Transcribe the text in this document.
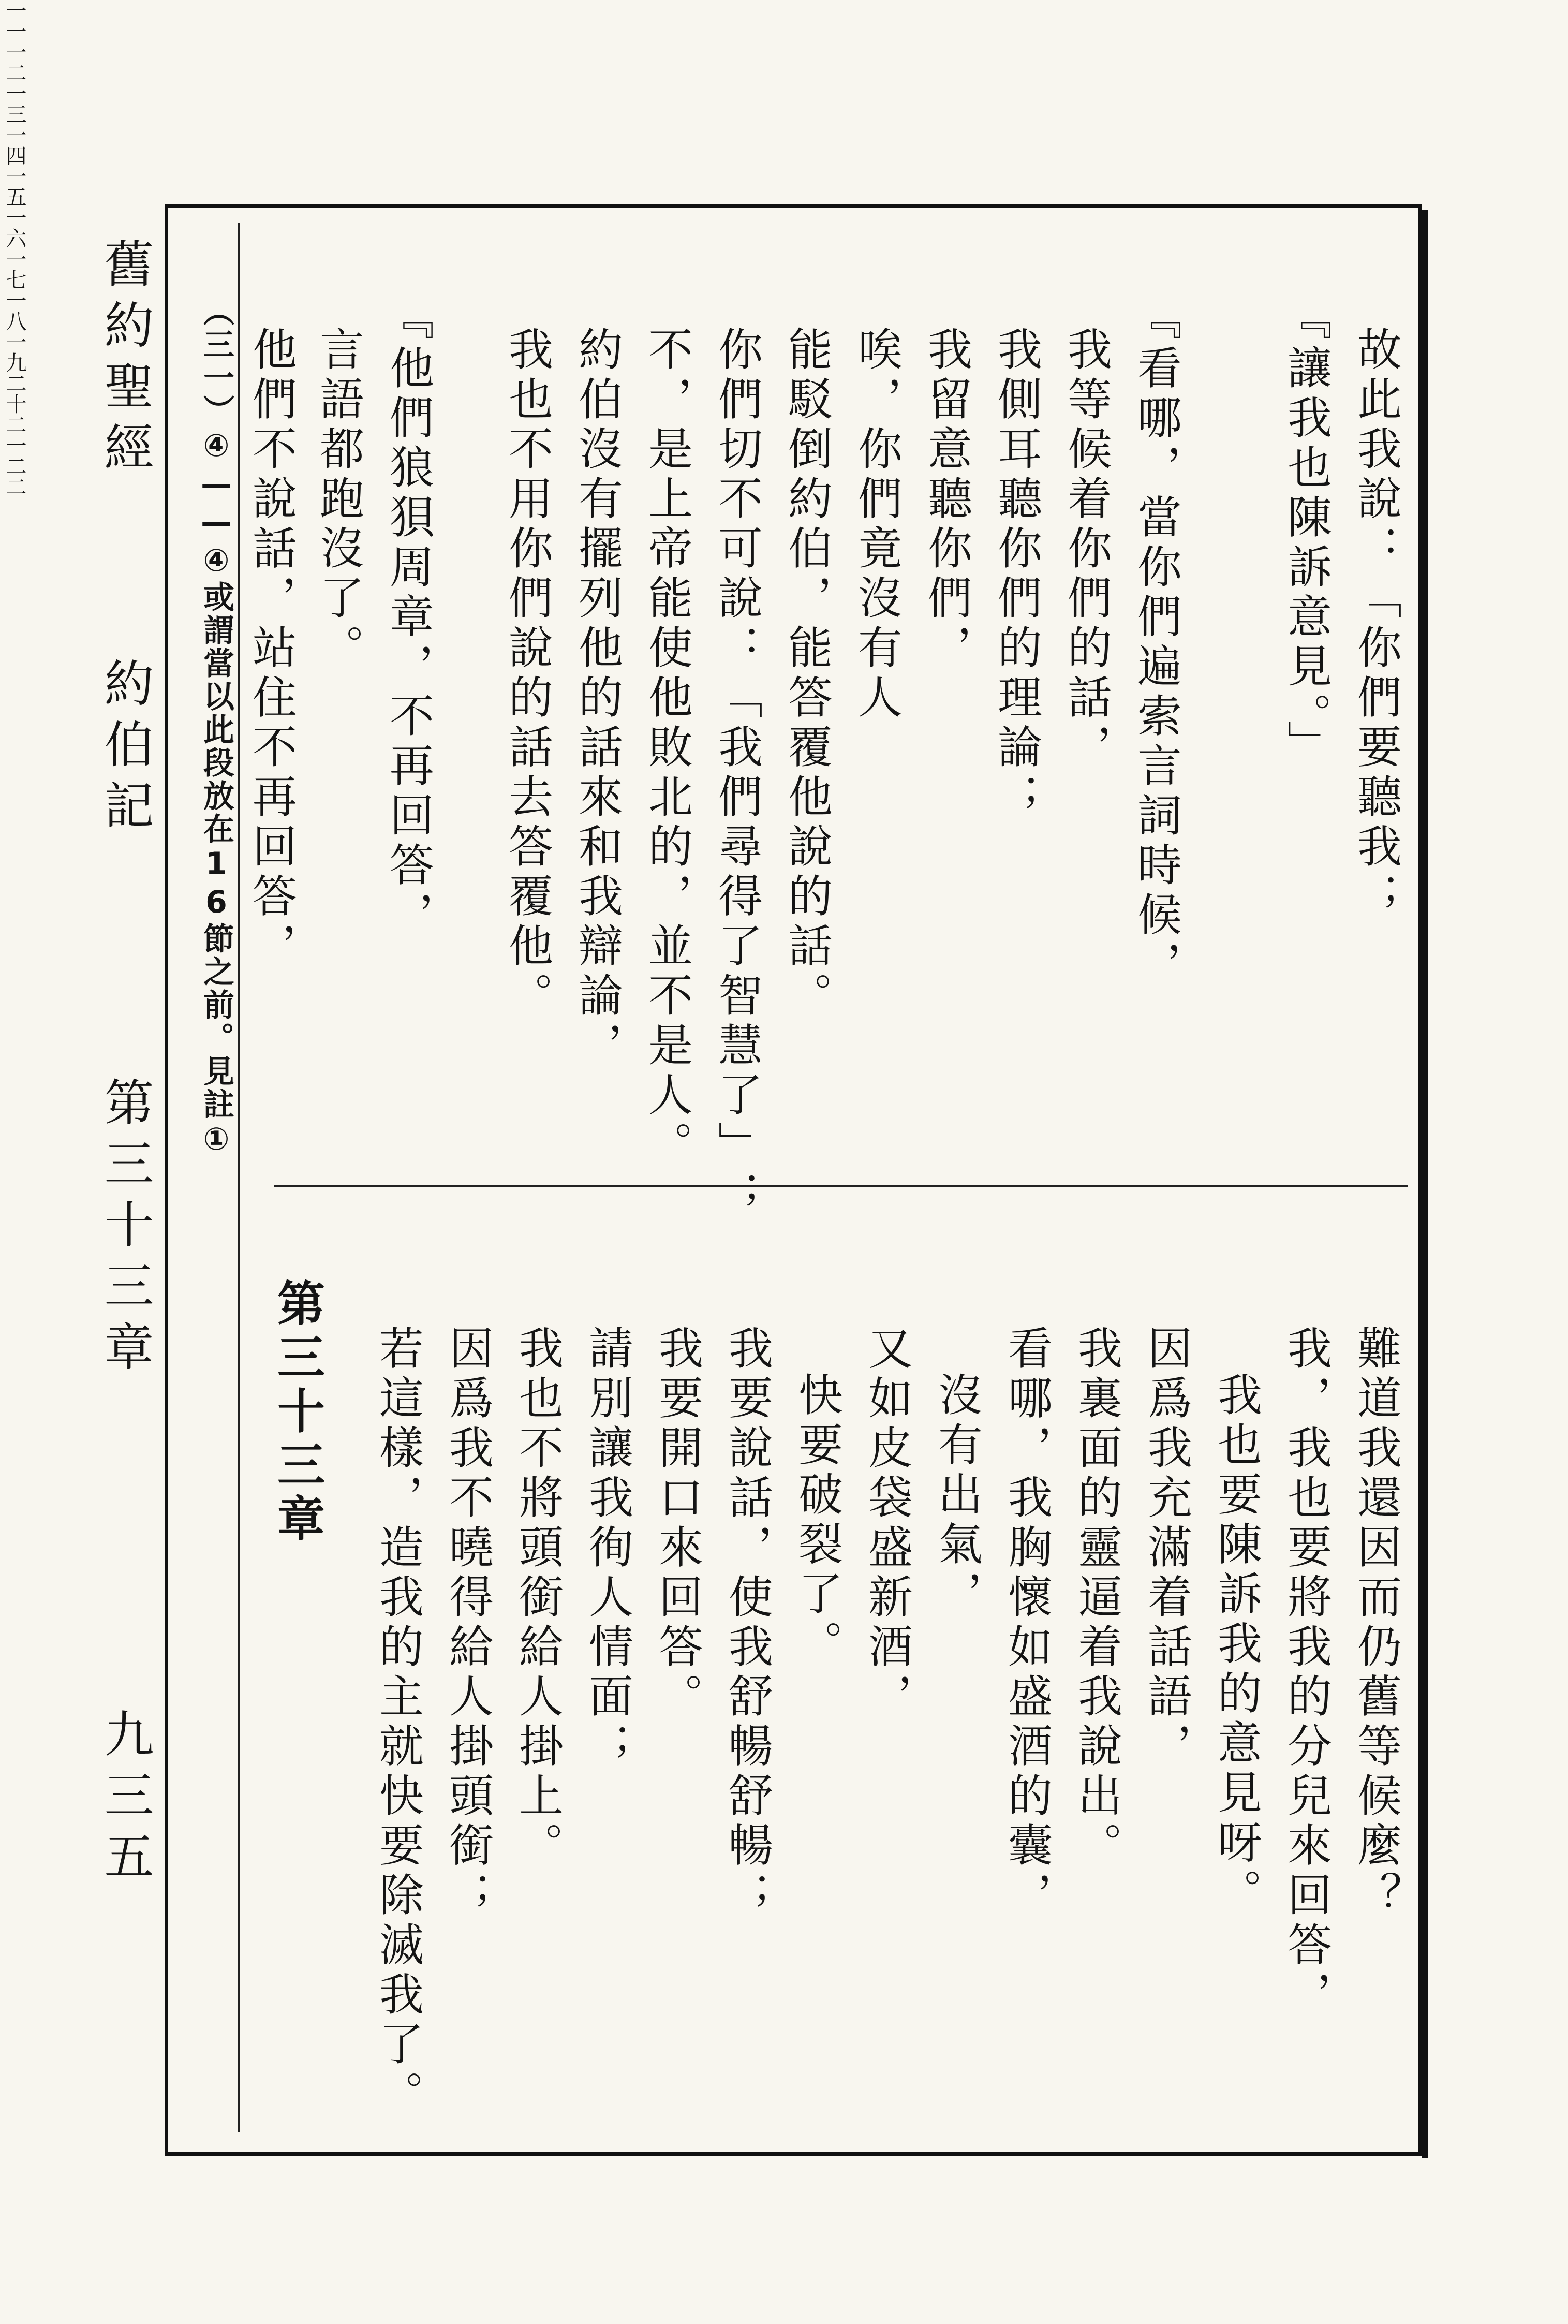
舊約聖經
約伯記
第三十三章
九三五
（三一）④——④或謂當以此段放在16節之前。見註①	故此我說：「你們要聽我；
『讓我也陳訴意見。」
『看哪，當你們遍索言詞時候，
我等候着你們的話，
我側耳聽你們的理論；
我留意聽你們，
唉，你們竟沒有人
能駁倒約伯，能答覆他說的話。
你們切不可說：「我們尋得了智慧了」；
不，是上帝能使他敗北的，並不是人。
約伯沒有擺列他的話來和我辯論，
我也不用你們說的話去答覆他。
『他們狼狽周章，不再回答，
言語都跑沒了。
他們不說話，站住不再回答，
一一
一二
一三
一四
一五
一六
第三十三章	難道我還因而仍舊等候麼？
我，我也要將我的分兒來回答，
我也要陳訴我的意見呀。
因爲我充滿着話語，
我裏面的靈逼着我說出。
看哪，我胸懷如盛酒的囊，
沒有出氣，
又如皮袋盛新酒，
快要破裂了。
我要說話，使我舒暢舒暢；
我要開口來回答。
請別讓我徇人情面；
我也不將頭銜給人掛上。
因爲我不曉得給人掛頭銜；
若這樣，造我的主就快要除滅我了。
一七
一八
一九
二十
二一
二二
